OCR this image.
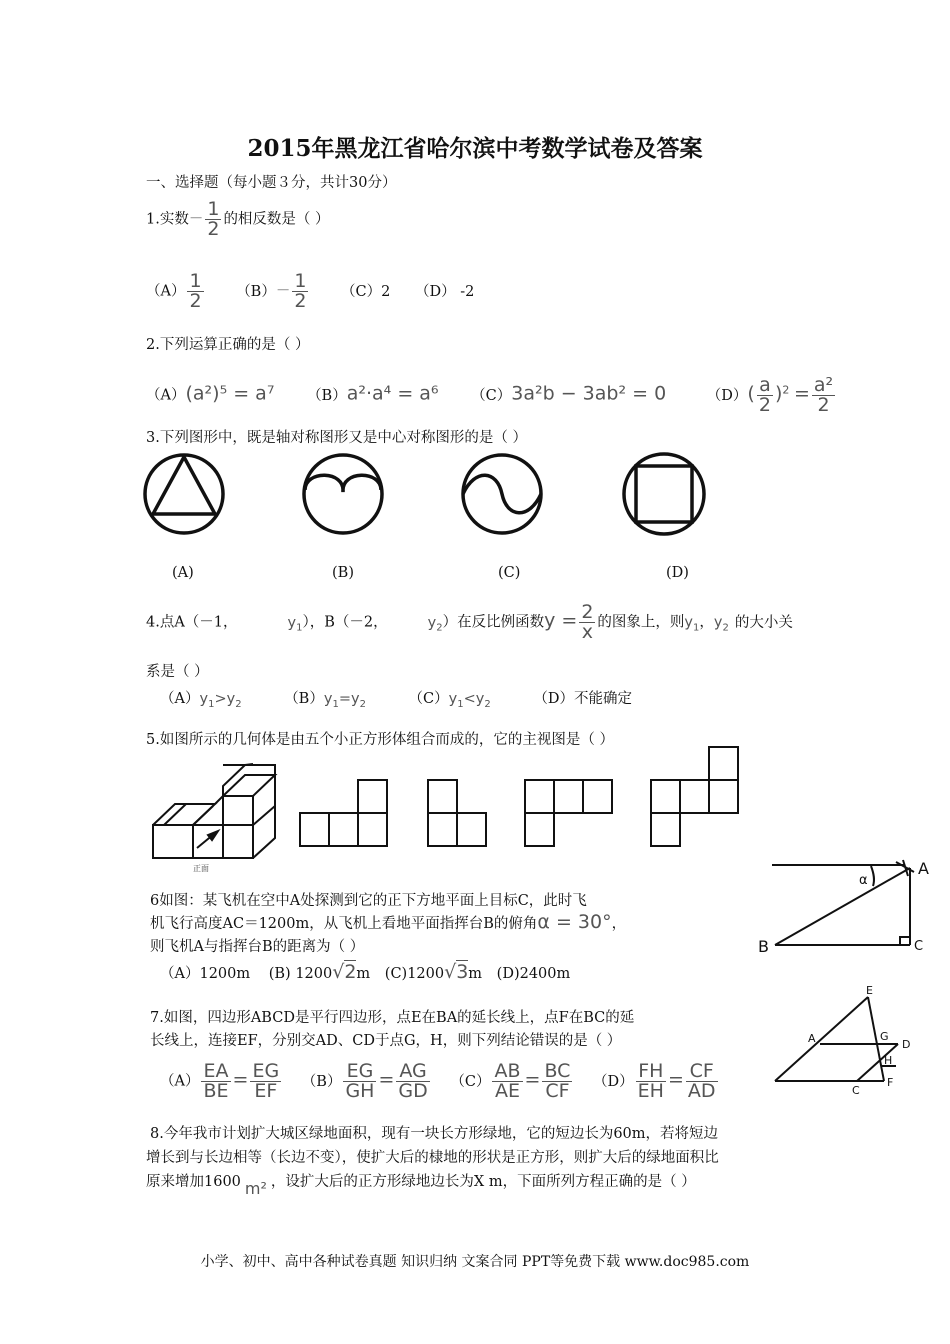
2015年黑龙江省哈尔滨中考数学试卷及答案
一、选择题（每小题３分，共计30分）
1.实数－ $\frac{1}{2}$ 的相反数是（ ）
$(A) \frac{1}{2} (B)- \frac{1}{2} (C)2$ （D） -2
2.下列运算正确的是（ ）
（A）(a²)⁵ = a⁷ （B）a²·a⁴ = a⁶ （C）3a²b − 3ab² = 0	$(D)( \frac{a}{2} )^2 = \frac{\text{a²}}{2}$
3.下列图形中，既是轴对称图形又是中心对称图形的是（ ）
(A)	(B)	(C)	(D)
4.点A（－1，	$y_1$），B（－2，	$y_2$）在反比例函数$y = \frac{2}{x}$ 的图象上，则$y_1$，$y_2$ 的大小关
系是（ ）
$(A)y_1>y_2$	$(B)y_1=y_2$	$(C)y_1<y_2$	（D）不能确定
5.如图所示的几何体是由五个小正方形体组合而成的，它的主视图是（ ）
正面
6如图：某飞机在空中A处探测到它的正下方地平面上目标C，此时飞
机飞行高度AC＝1200m，从飞机上看地平面指挥台B的俯角α = 30°，
则飞机A与指挥台B的距离为（ ）
（A）1200m (B) 1200√2m (C)1200√3m (D)2400m
A
B	C
α
7.如图，四边形ABCD是平行四边形，点E在BA的延长线上，点F在BC的延
长线上，连接EF，分别交AD、CD于点G，H，则下列结论错误的是（ ）
$(A) \frac{EA}{BE} = \frac{EG}{EF} (B) \frac{EG}{GH} = \frac{AG}{GD} (C) \frac{AB}{AE} = \frac{BC}{CF} (D) \frac{FH}{EH} = \frac{CF}{AD}$
E
A	G
D
H
C
F
8.今年我市计划扩大城区绿地面积，现有一块长方形绿地，它的短边长为60m，若将短边
增长到与长边相等（长边不变），使扩大后的棣地的形状是正方形，则扩大后的绿地面积比
原来增加1600 m² ，设扩大后的正方形绿地边长为X m，下面所列方程正确的是（ ）
小学、初中、高中各种试卷真题 知识归纳 文案合同 PPT等免费下载 www.doc985.com
